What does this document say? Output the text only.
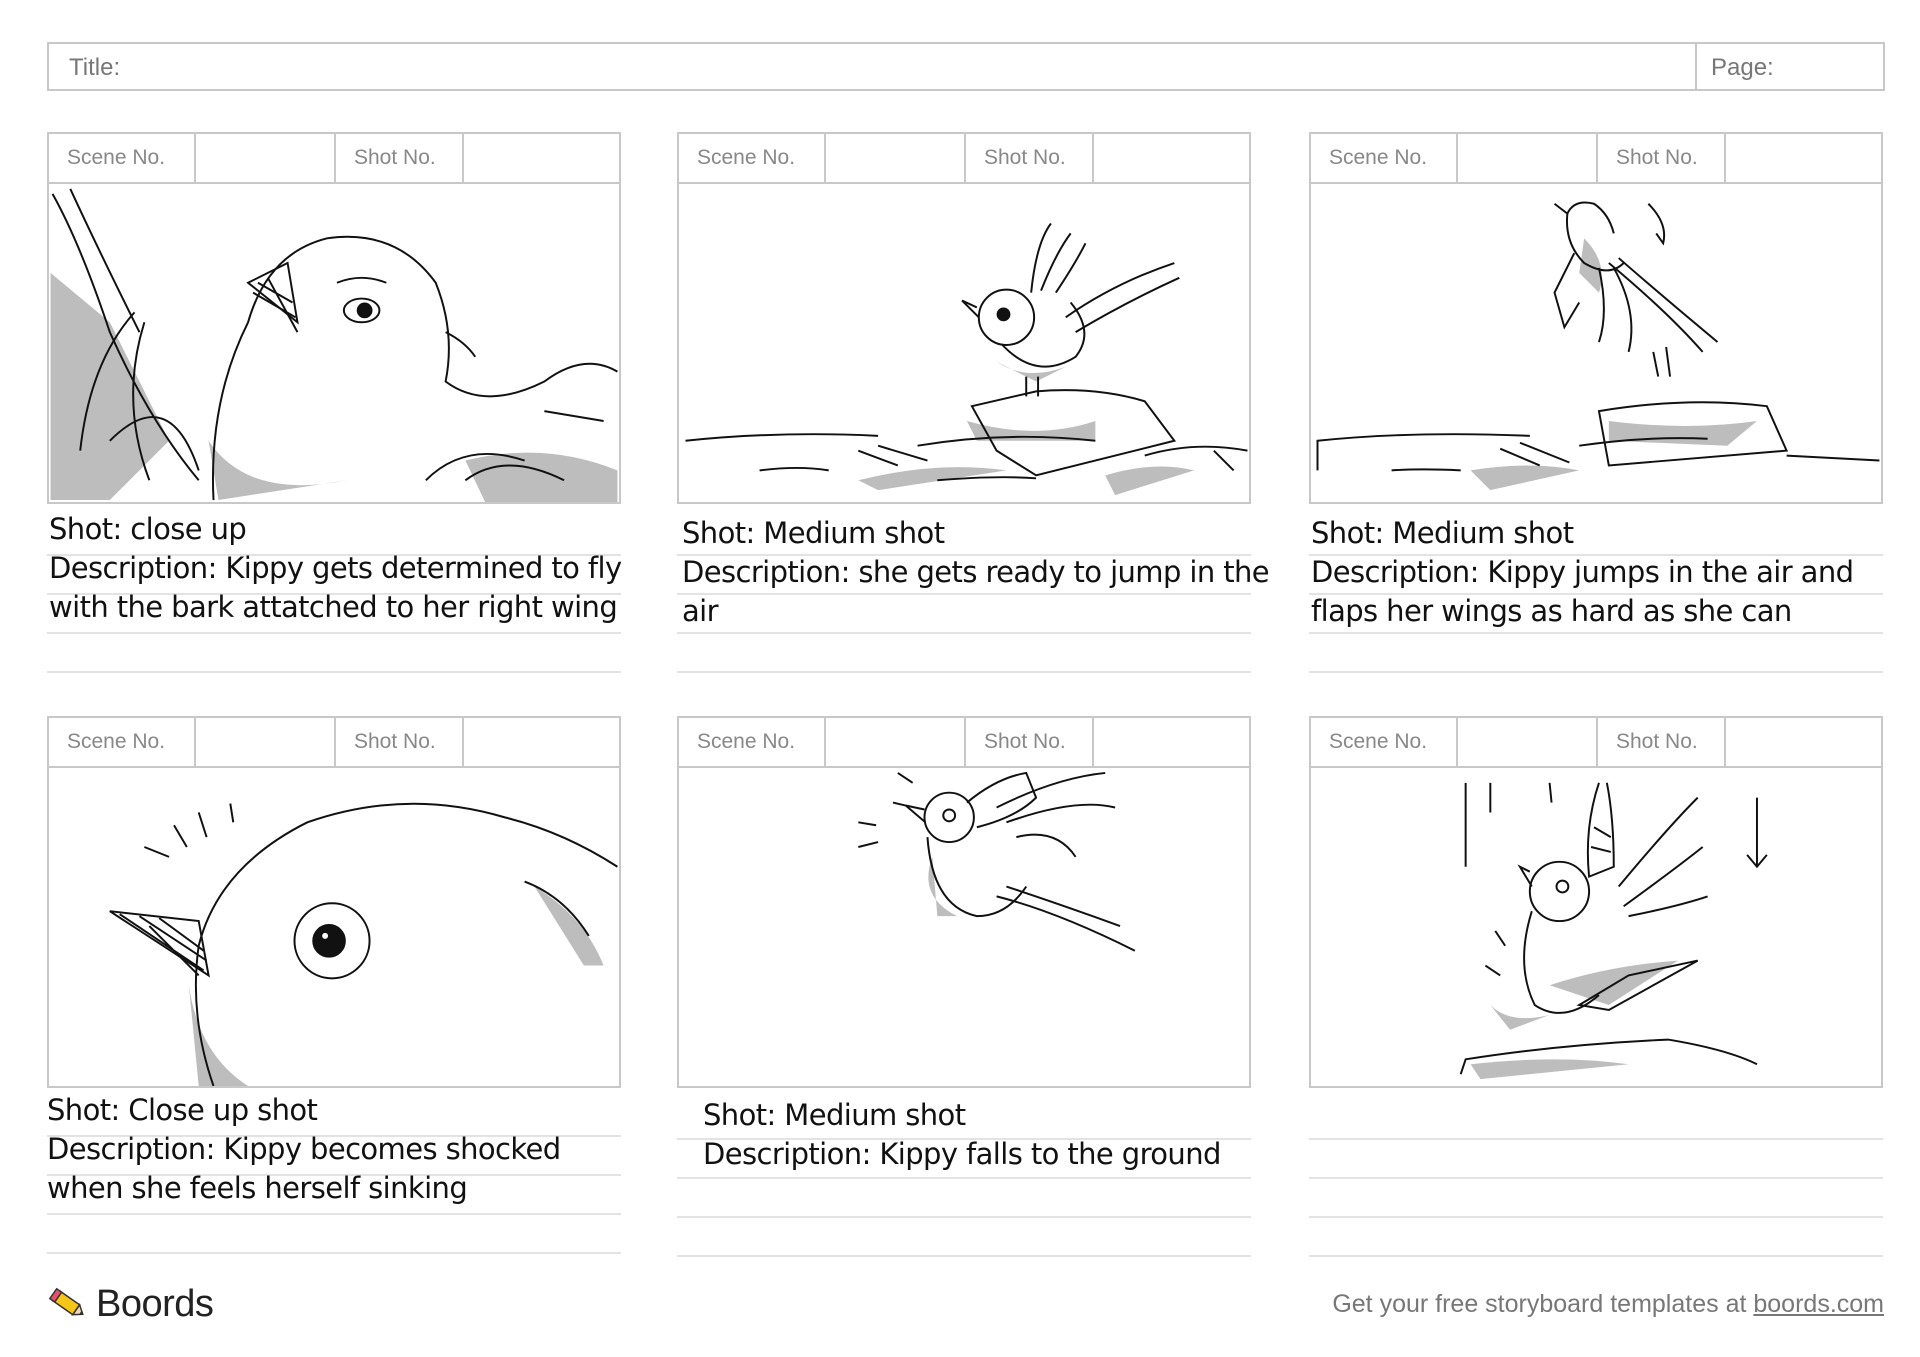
Title:	Page:
Scene No.	Shot No.
Shot: close up
Description: Kippy gets determined to fly
with the bark attatched to her right wing
Scene No.	Shot No.
Shot: Medium shot
Description: she gets ready to jump in the
air
Scene No.	Shot No.
Shot: Medium shot
Description: Kippy jumps in the air and
flaps her wings as hard as she can
Scene No.	Shot No.
Shot: Close up shot
Description: Kippy becomes shocked
when she feels herself sinking
Scene No.	Shot No.
Shot: Medium shot
Description: Kippy falls to the ground
Scene No.	Shot No.
Boords	Get your free storyboard templates at boords.com
